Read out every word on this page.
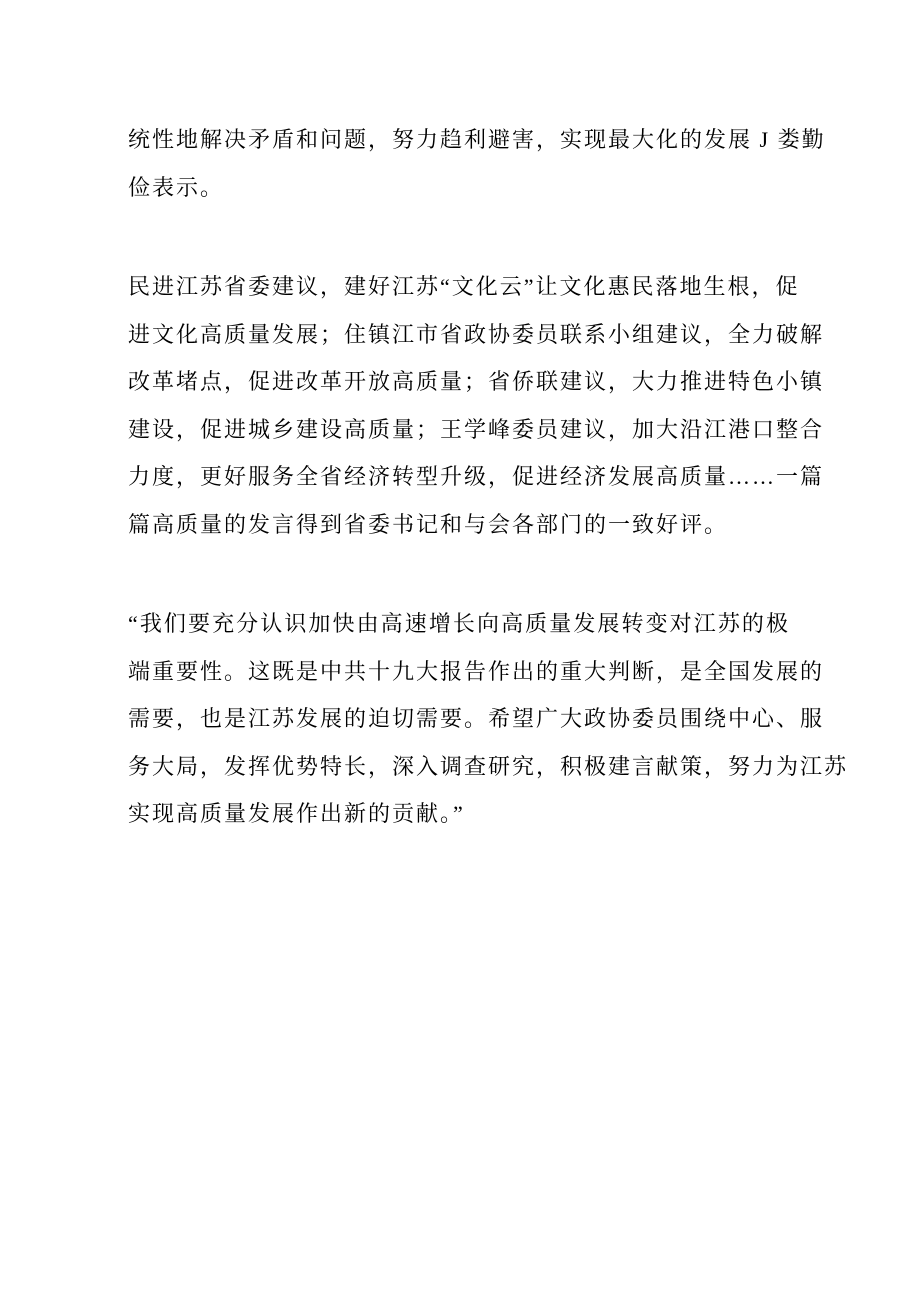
统性地解决矛盾和问题，努力趋利避害，实现最大化的发展 J 娄勤
俭表示。
民进江苏省委建议，建好江苏“文化云”让文化惠民落地生根，促
进文化高质量发展；住镇江市省政协委员联系小组建议，全力破解
改革堵点，促进改革开放高质量；省侨联建议，大力推进特色小镇
建设，促进城乡建设高质量；王学峰委员建议，加大沿江港口整合
力度，更好服务全省经济转型升级，促进经济发展高质量……一篇
篇高质量的发言得到省委书记和与会各部门的一致好评。
“我们要充分认识加快由高速增长向高质量发展转变对江苏的极
端重要性。这既是中共十九大报告作出的重大判断，是全国发展的
需要，也是江苏发展的迫切需要。希望广大政协委员围绕中心、服
务大局，发挥优势特长，深入调查研究，积极建言献策，努力为江苏
实现高质量发展作出新的贡献。”
